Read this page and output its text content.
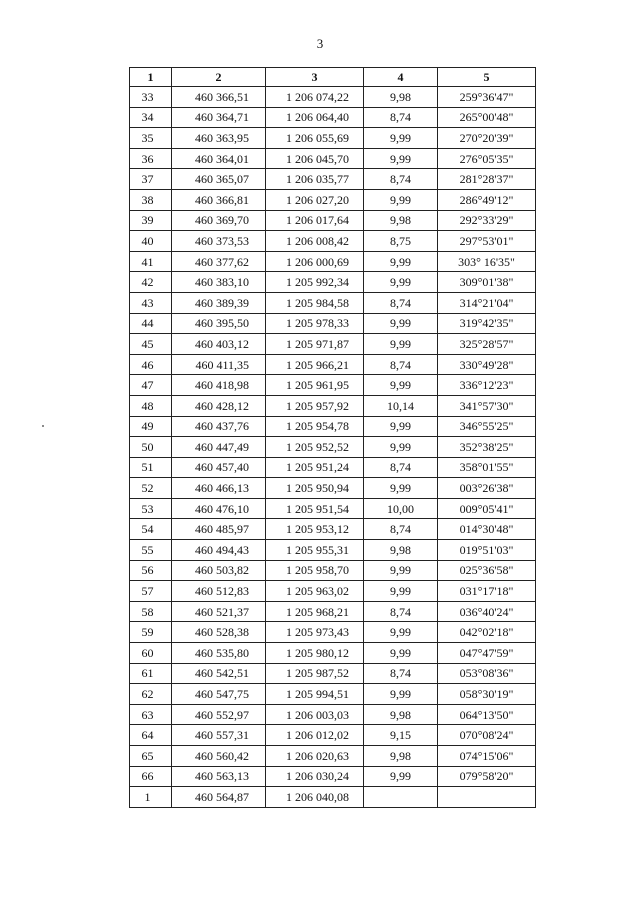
3
1	2	3	4	5
33	460 366,51	1 206 074,22	9,98	259°36'47"
34	460 364,71	1 206 064,40	8,74	265°00'48"
35	460 363,95	1 206 055,69	9,99	270°20'39"
36	460 364,01	1 206 045,70	9,99	276°05'35"
37	460 365,07	1 206 035,77	8,74	281°28'37"
38	460 366,81	1 206 027,20	9,99	286°49'12"
39	460 369,70	1 206 017,64	9,98	292°33'29"
40	460 373,53	1 206 008,42	8,75	297°53'01"
41	460 377,62	1 206 000,69	9,99	303° 16'35"
42	460 383,10	1 205 992,34	9,99	309°01'38"
43	460 389,39	1 205 984,58	8,74	314°21'04"
44	460 395,50	1 205 978,33	9,99	319°42'35"
45	460 403,12	1 205 971,87	9,99	325°28'57"
46	460 411,35	1 205 966,21	8,74	330°49'28"
47	460 418,98	1 205 961,95	9,99	336°12'23"
48	460 428,12	1 205 957,92	10,14	341°57'30"
49	460 437,76	1 205 954,78	9,99	346°55'25"
50	460 447,49	1 205 952,52	9,99	352°38'25"
51	460 457,40	1 205 951,24	8,74	358°01'55"
52	460 466,13	1 205 950,94	9,99	003°26'38"
53	460 476,10	1 205 951,54	10,00	009°05'41"
54	460 485,97	1 205 953,12	8,74	014°30'48"
55	460 494,43	1 205 955,31	9,98	019°51'03"
56	460 503,82	1 205 958,70	9,99	025°36'58"
57	460 512,83	1 205 963,02	9,99	031°17'18"
58	460 521,37	1 205 968,21	8,74	036°40'24"
59	460 528,38	1 205 973,43	9,99	042°02'18"
60	460 535,80	1 205 980,12	9,99	047°47'59"
61	460 542,51	1 205 987,52	8,74	053°08'36"
62	460 547,75	1 205 994,51	9,99	058°30'19"
63	460 552,97	1 206 003,03	9,98	064°13'50"
64	460 557,31	1 206 012,02	9,15	070°08'24"
65	460 560,42	1 206 020,63	9,98	074°15'06"
66	460 563,13	1 206 030,24	9,99	079°58'20"
1	460 564,87	1 206 040,08		
